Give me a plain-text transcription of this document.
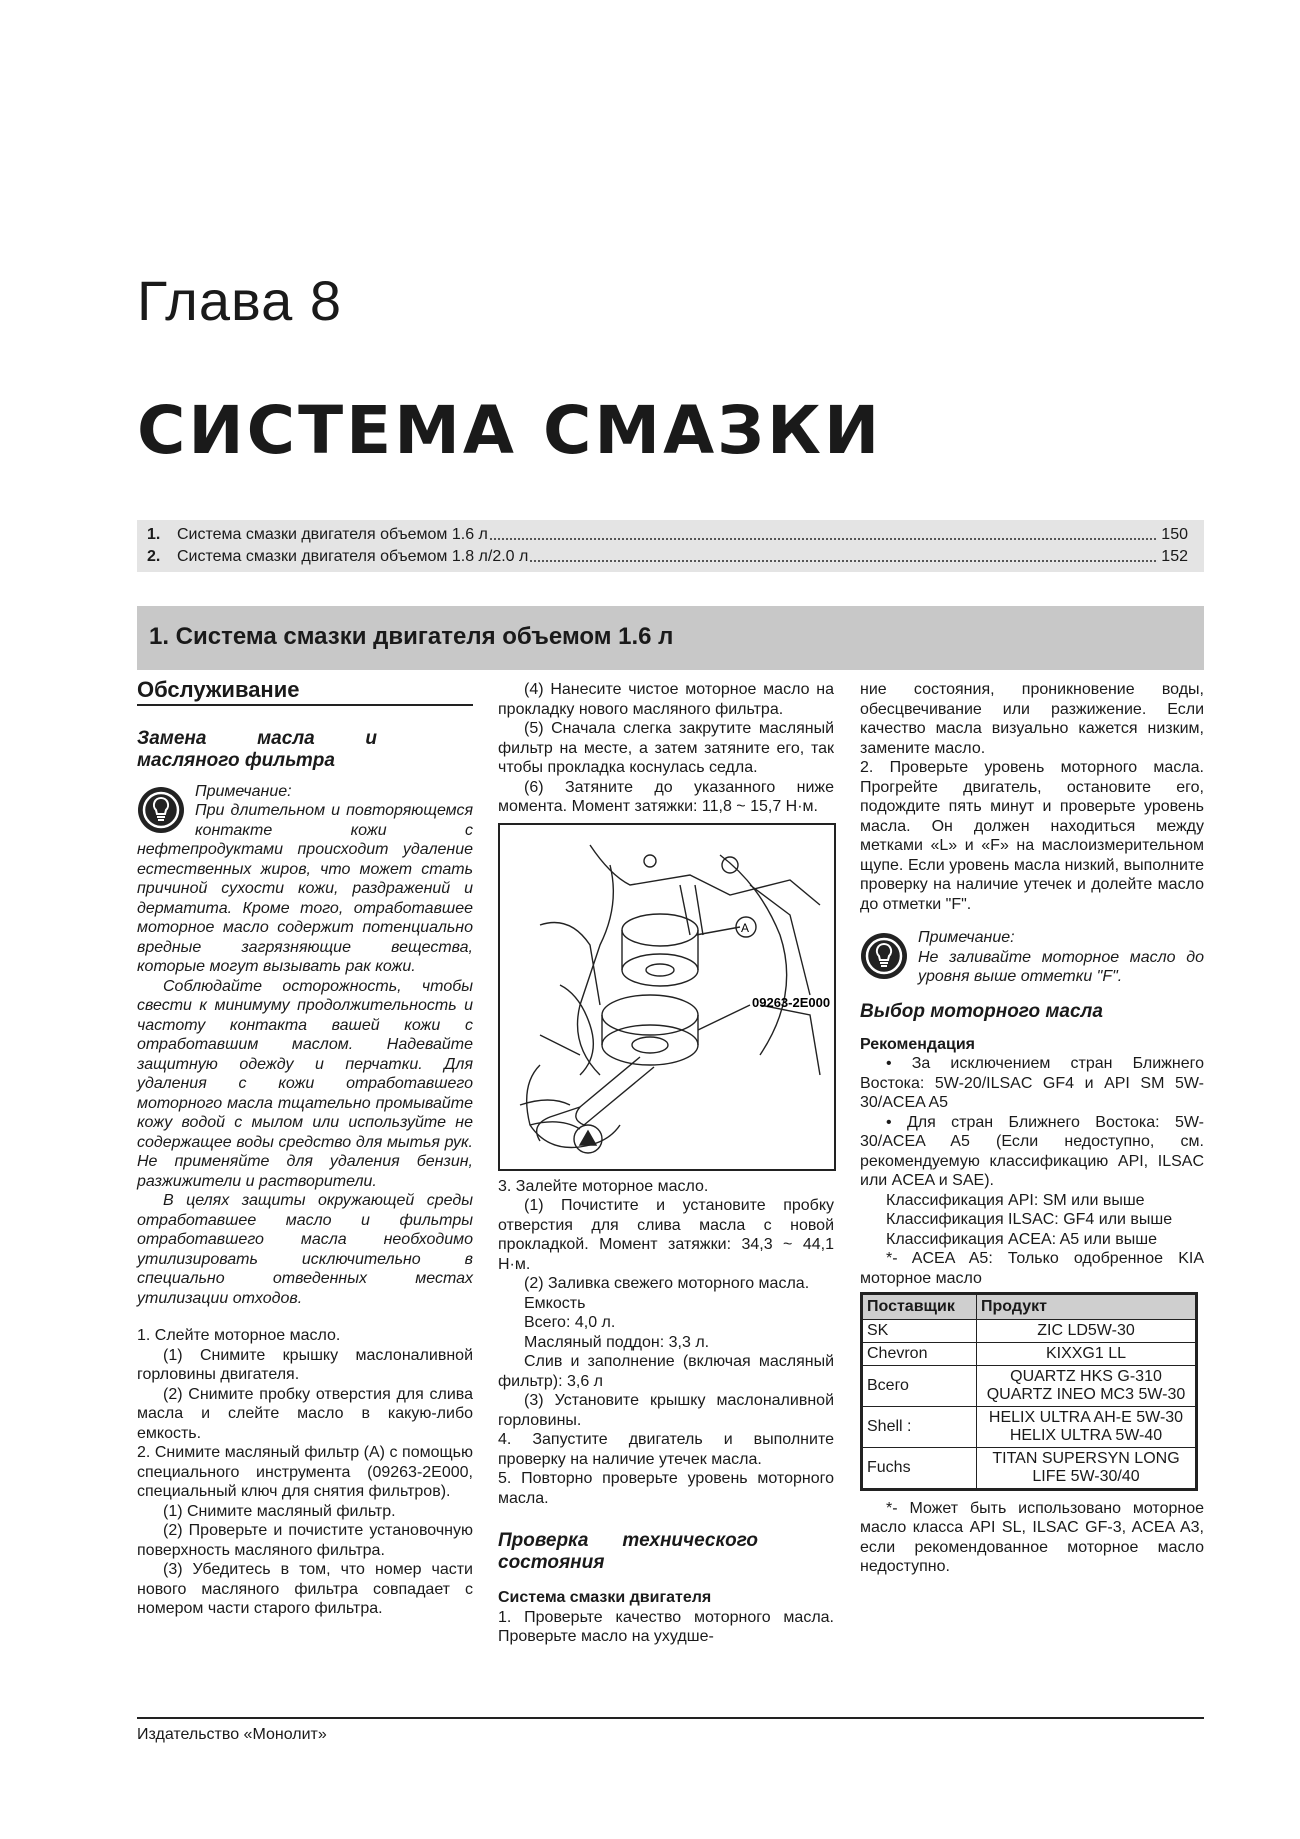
Глава 8
СИСТЕМА СМАЗКИ
1.	Система смазки двигателя объемом 1.6 л	150
2.	Система смазки двигателя объемом 1.8 л/2.0 л	152
1. Система смазки двигателя объемом 1.6 л

Обслуживание

Замена масла и масляного фильтра

Примечание:

При длительном и повторяющемся контакте кожи с нефтепродуктами происходит удаление естественных жиров, что может стать причиной сухости кожи, раздражений и дерматита. Кроме того, отработавшее моторное масло содержит потенциально вредные загрязняющие вещества, которые могут вызывать рак кожи.

Соблюдайте осторожность, чтобы свести к минимуму продолжительность и частоту контакта вашей кожи с отработавшим маслом. Надевайте защитную одежду и перчатки. Для удаления с кожи отработавшего моторного масла тщательно промывайте кожу водой с мылом или используйте не содержащее воды средство для мытья рук. Не применяйте для удаления бензин, разжижители и растворители.

В целях защиты окружающей среды отработавшее масло и фильтры отработавшего масла необходимо утилизировать исключительно в специально отведенных местах утилизации отходов.

1. Слейте моторное масло.

(1) Снимите крышку маслоналивной горловины двигателя.

(2) Снимите пробку отверстия для слива масла и слейте масло в какую-либо емкость.

2. Снимите масляный фильтр (А) с помощью специального инструмента (09263-2E000, специальный ключ для снятия фильтров).

(1) Снимите масляный фильтр.

(2) Проверьте и почистите установочную поверхность масляного фильтра.

(3) Убедитесь в том, что номер части нового масляного фильтра совпадает с номером части старого фильтра.

(4) Нанесите чистое моторное масло на прокладку нового масляного фильтра.

(5) Сначала слегка закрутите масляный фильтр на месте, а затем затяните его, так чтобы прокладка коснулась седла.

(6) Затяните до указанного ниже момента. Момент затяжки: 11,8 ~ 15,7 Н·м.

A
09263-2E000

3. Залейте моторное масло.

(1) Почистите и установите пробку отверстия для слива масла с новой прокладкой. Момент затяжки: 34,3 ~ 44,1 Н·м.

(2) Заливка свежего моторного масла.

Емкость

Всего: 4,0 л.

Масляный поддон: 3,3 л.

Слив и заполнение (включая масляный фильтр): 3,6 л

(3) Установите крышку маслоналивной горловины.

4. Запустите двигатель и выполните проверку на наличие утечек масла.

5. Повторно проверьте уровень моторного масла.

Проверка технического состояния

Система смазки двигателя

1. Проверьте качество моторного масла. Проверьте масло на ухудше-

ние состояния, проникновение воды, обесцвечивание или разжижение. Если качество масла визуально кажется низким, замените масло.

2. Проверьте уровень моторного масла. Прогрейте двигатель, остановите его, подождите пять минут и проверьте уровень масла. Он должен находиться между метками «L» и «F» на маслоизмерительном щупе. Если уровень масла низкий, выполните проверку на наличие утечек и долейте масло до отметки "F".

Примечание:

Не заливайте моторное масло до уровня выше отметки "F".

Выбор моторного масла

Рекомендация

• За исключением стран Ближнего Востока: 5W-20/ILSAC GF4 и API SM 5W-30/ACEA A5

• Для стран Ближнего Востока: 5W-30/ACEA A5 (Если недоступно, см. рекомендуемую классификацию API, ILSAC или ACEA и SAE).

Классификация API: SM или выше

Классификация ILSAC: GF4 или выше

Классификация ACEA: A5 или выше

*- ACEA A5: Только одобренное KIA моторное масло

Поставщик	Продукт
SK	ZIC LD5W-30
Chevron	KIXXG1 LL
Всего	QUARTZ HKS G-310 QUARTZ INEO MC3 5W-30
Shell :	HELIX ULTRA AH-E 5W-30 HELIX ULTRA 5W-40
Fuchs	TITAN SUPERSYN LONG LIFE 5W-30/40

*- Может быть использовано моторное масло класса API SL, ILSAC GF-3, ACEA A3, если рекомендованное моторное масло недоступно.

Издательство «Монолит»
